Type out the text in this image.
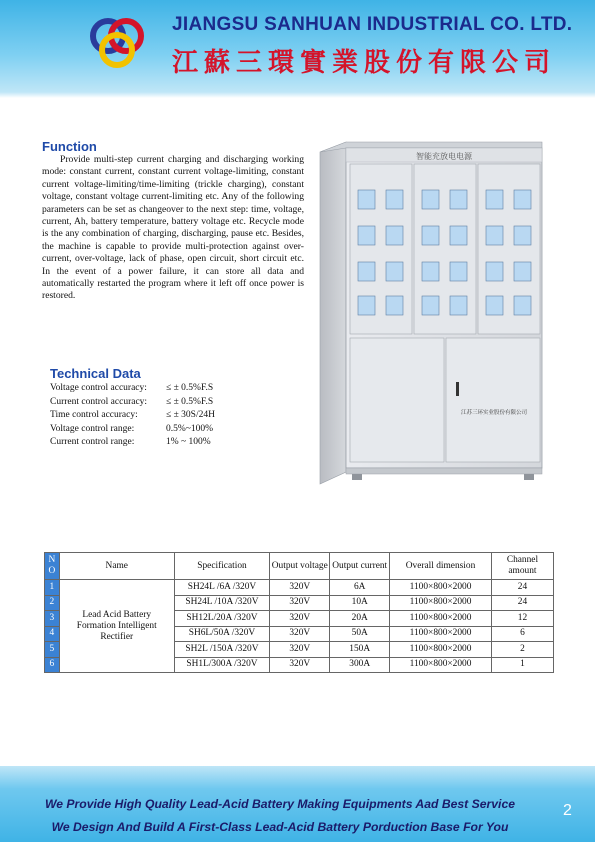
JIANGSU SANHUAN INDUSTRIAL CO. LTD.
江蘇三環實業股份有限公司
Function

Provide multi-step current charging and discharging working mode: constant current, constant current voltage-limiting, constant current voltage-limiting/time-limiting (trickle charging), constant voltage, constant voltage current-limiting etc. Any of the following parameters can be set as changeover to the next step: time, voltage, current, Ah, battery temperature, battery voltage etc. Recycle mode is the any combination of charging, discharging, pause etc. Besides, the machine is capable to provide multi-protection against over-current, over-voltage, lack of phase, open circuit, short circuit etc. In the event of a power failure, it can store all data and automatically restarted the program where it left off once power is restored.

Technical Data
Voltage control accuracy:	≤ ± 0.5%F.S
Current control accuracy:	≤ ± 0.5%F.S
Time control accuracy:	≤ ± 30S/24H
Voltage control range:	0.5%~100%
Current control range:	1% ~ 100%
智能充放电电源
江苏三环实业股份有限公司
N O	Name	Specification	Output voltage	Output current	Overall dimension	Channel amount
1	Lead Acid Battery Formation Intelligent Rectifier	SH24L /6A /320V	320V	6A	1100×800×2000	24
2		SH24L /10A /320V	320V	10A	1100×800×2000	24
3		SH12L/20A /320V	320V	20A	1100×800×2000	12
4		SH6L/50A /320V	320V	50A	1100×800×2000	6
5		SH2L /150A /320V	320V	150A	1100×800×2000	2
6		SH1L/300A /320V	320V	300A	1100×800×2000	1
We Provide High Quality Lead-Acid Battery Making Equipments Aad Best Service
We Design And Build A First-Class Lead-Acid Battery Porduction Base For You
2
